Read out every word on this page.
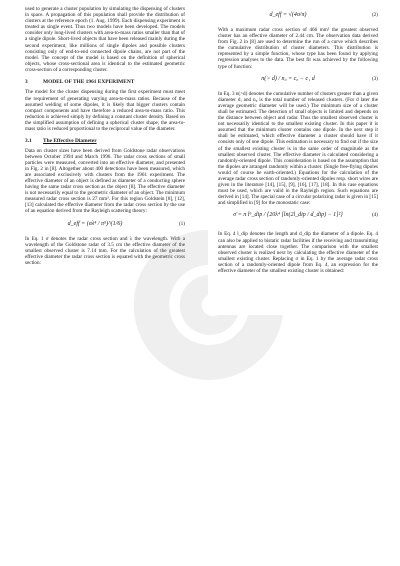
used to generate a cluster population by simulating the dispensing of clusters in space. A propagation of this population shall provide the distribution of clusters at the reference epoch (1. Aug. 1999). Each dispensing experiment is treated as single event. Thus two models have been developed. The models consider only long-lived clusters with area-to-mass ratios smaller than that of a single dipole. Short-lived objects that have been released mainly during the second experiment, like millions of single dipoles and possible clusters consisting only of end-to-end connected dipole chains, are not part of the model. The concept of the model is based on the definition of spherical objects, whose cross-sectional area is identical to the estimated geometric cross-section of a corresponding cluster.

3	MODEL OF THE 1961 EXPERIMENT

The model for the cluster dispensing during the first experiment must meet the requirement of generating varying area-to-mass ratios. Because of the assumed welding of some dipoles, it is likely that bigger clusters contain compact components and have therefore a reduced area-to-mass ratio. This reduction is achieved simply by defining a constant cluster density. Based on the simplified assumption of defining a spherical cluster shape, the area-to-mass ratio is reduced proportional to the reciprocal value of the diameter.

3.1 The Effective Diameter

Data on cluster sizes have been derived from Goldstone radar observations between October 1994 and March 1996. The radar cross sections of small particles were measured, converted into an effective diameter, and presented in Fig. 2 in [8]. Altogether about 400 detections have been measured, which are associated exclusively with clusters from the 1961 experiment. The effective diameter of an object is defined as diameter of a conducting sphere having the same radar cross section as the object [8]. The effective diameter is not necessarily equal to the geometric diameter of an object. The minimum measured radar cross section is 27 mm². For this region Goldstein [8], [12], [13] calculated the effective diameter from the radar cross section by the use of an equation derived from the Rayleigh scattering theory:

d_eff = (σλ⁴ / π⁵)^(1/6)	(1)

In Eq. 1 σ denotes the radar cross section and λ the wavelength. With a wavelength of the Goldstone radar of 3.5 cm the effective diameter of the smallest observed cluster is 7.14 mm. For the calculation of the greatest effective diameter the radar cross section is equated with the geometric cross section:

d_eff = √(4σ/π)	(2)

With a maximum radar cross section of 466 mm² the greatest observed cluster has an effective diameter of 2.44 cm. The observation data derived from Fig. 2 in [8] are used to determine the run of a curve which describes the cumulative distribution of cluster diameters. This distribution is represented by a simple function, whose type has been found by applying regression analyses to the data. The best fit was achieved by the following type of function:

n(> d) / n₀ = c₀ − c₁ d	(3)

In Eq. 3 n(>d) denotes the cumulative number of clusters greater than a given diameter d, and n₀ is the total number of released clusters. (For d later the average geometric diameter will be used.) The minimum size of a cluster shall be estimated. The detection of small objects is limited and depends on the distance between object and radar. Thus the smallest observed cluster is not necessarily identical to the smallest existing cluster. In this paper it is assumed that the minimum cluster contains one dipole. In the next step it shall be estimated, which effective diameter a cluster should have if it consists only of one dipole. This estimation is necessary to find out if the size of the smallest existing cluster is in the same order of magnitude as the smallest observed cluster. The effective diameter is calculated considering a randomly-oriented dipole. This consideration is based on the assumption that the dipoles are arranged randomly within a cluster. (Single free-flying dipoles would of course be earth-oriented.) Equations for the calculation of the average radar cross section of randomly-oriented dipoles resp. short wires are given in the literature [14], [15], [9], [16], [17], [18]. In this case equations must be used, which are valid in the Rayleigh region. Such equations are derived in [14]. The special case of a circular polarizing radar is given in [15] and simplified in [9] for the monostatic case:

σ̄ = π l⁶_dip / {20λ⁴ [ln(2l_dip / d_dip) − 1]²}	(4)

In Eq. 4 l_dip denotes the length and d_dip the diameter of a dipole. Eq. 4 can also be applied to bistatic radar facilities if the receiving and transmitting antennas are located close together. The comparison with the smallest observed cluster is realized next by calculating the effective diameter of the smallest existing cluster. Replacing σ in Eq. 1 by the average radar cross section of a randomly-oriented dipole from Eq. 4, an expression for the effective diameter of the smallest existing cluster is obtained:
